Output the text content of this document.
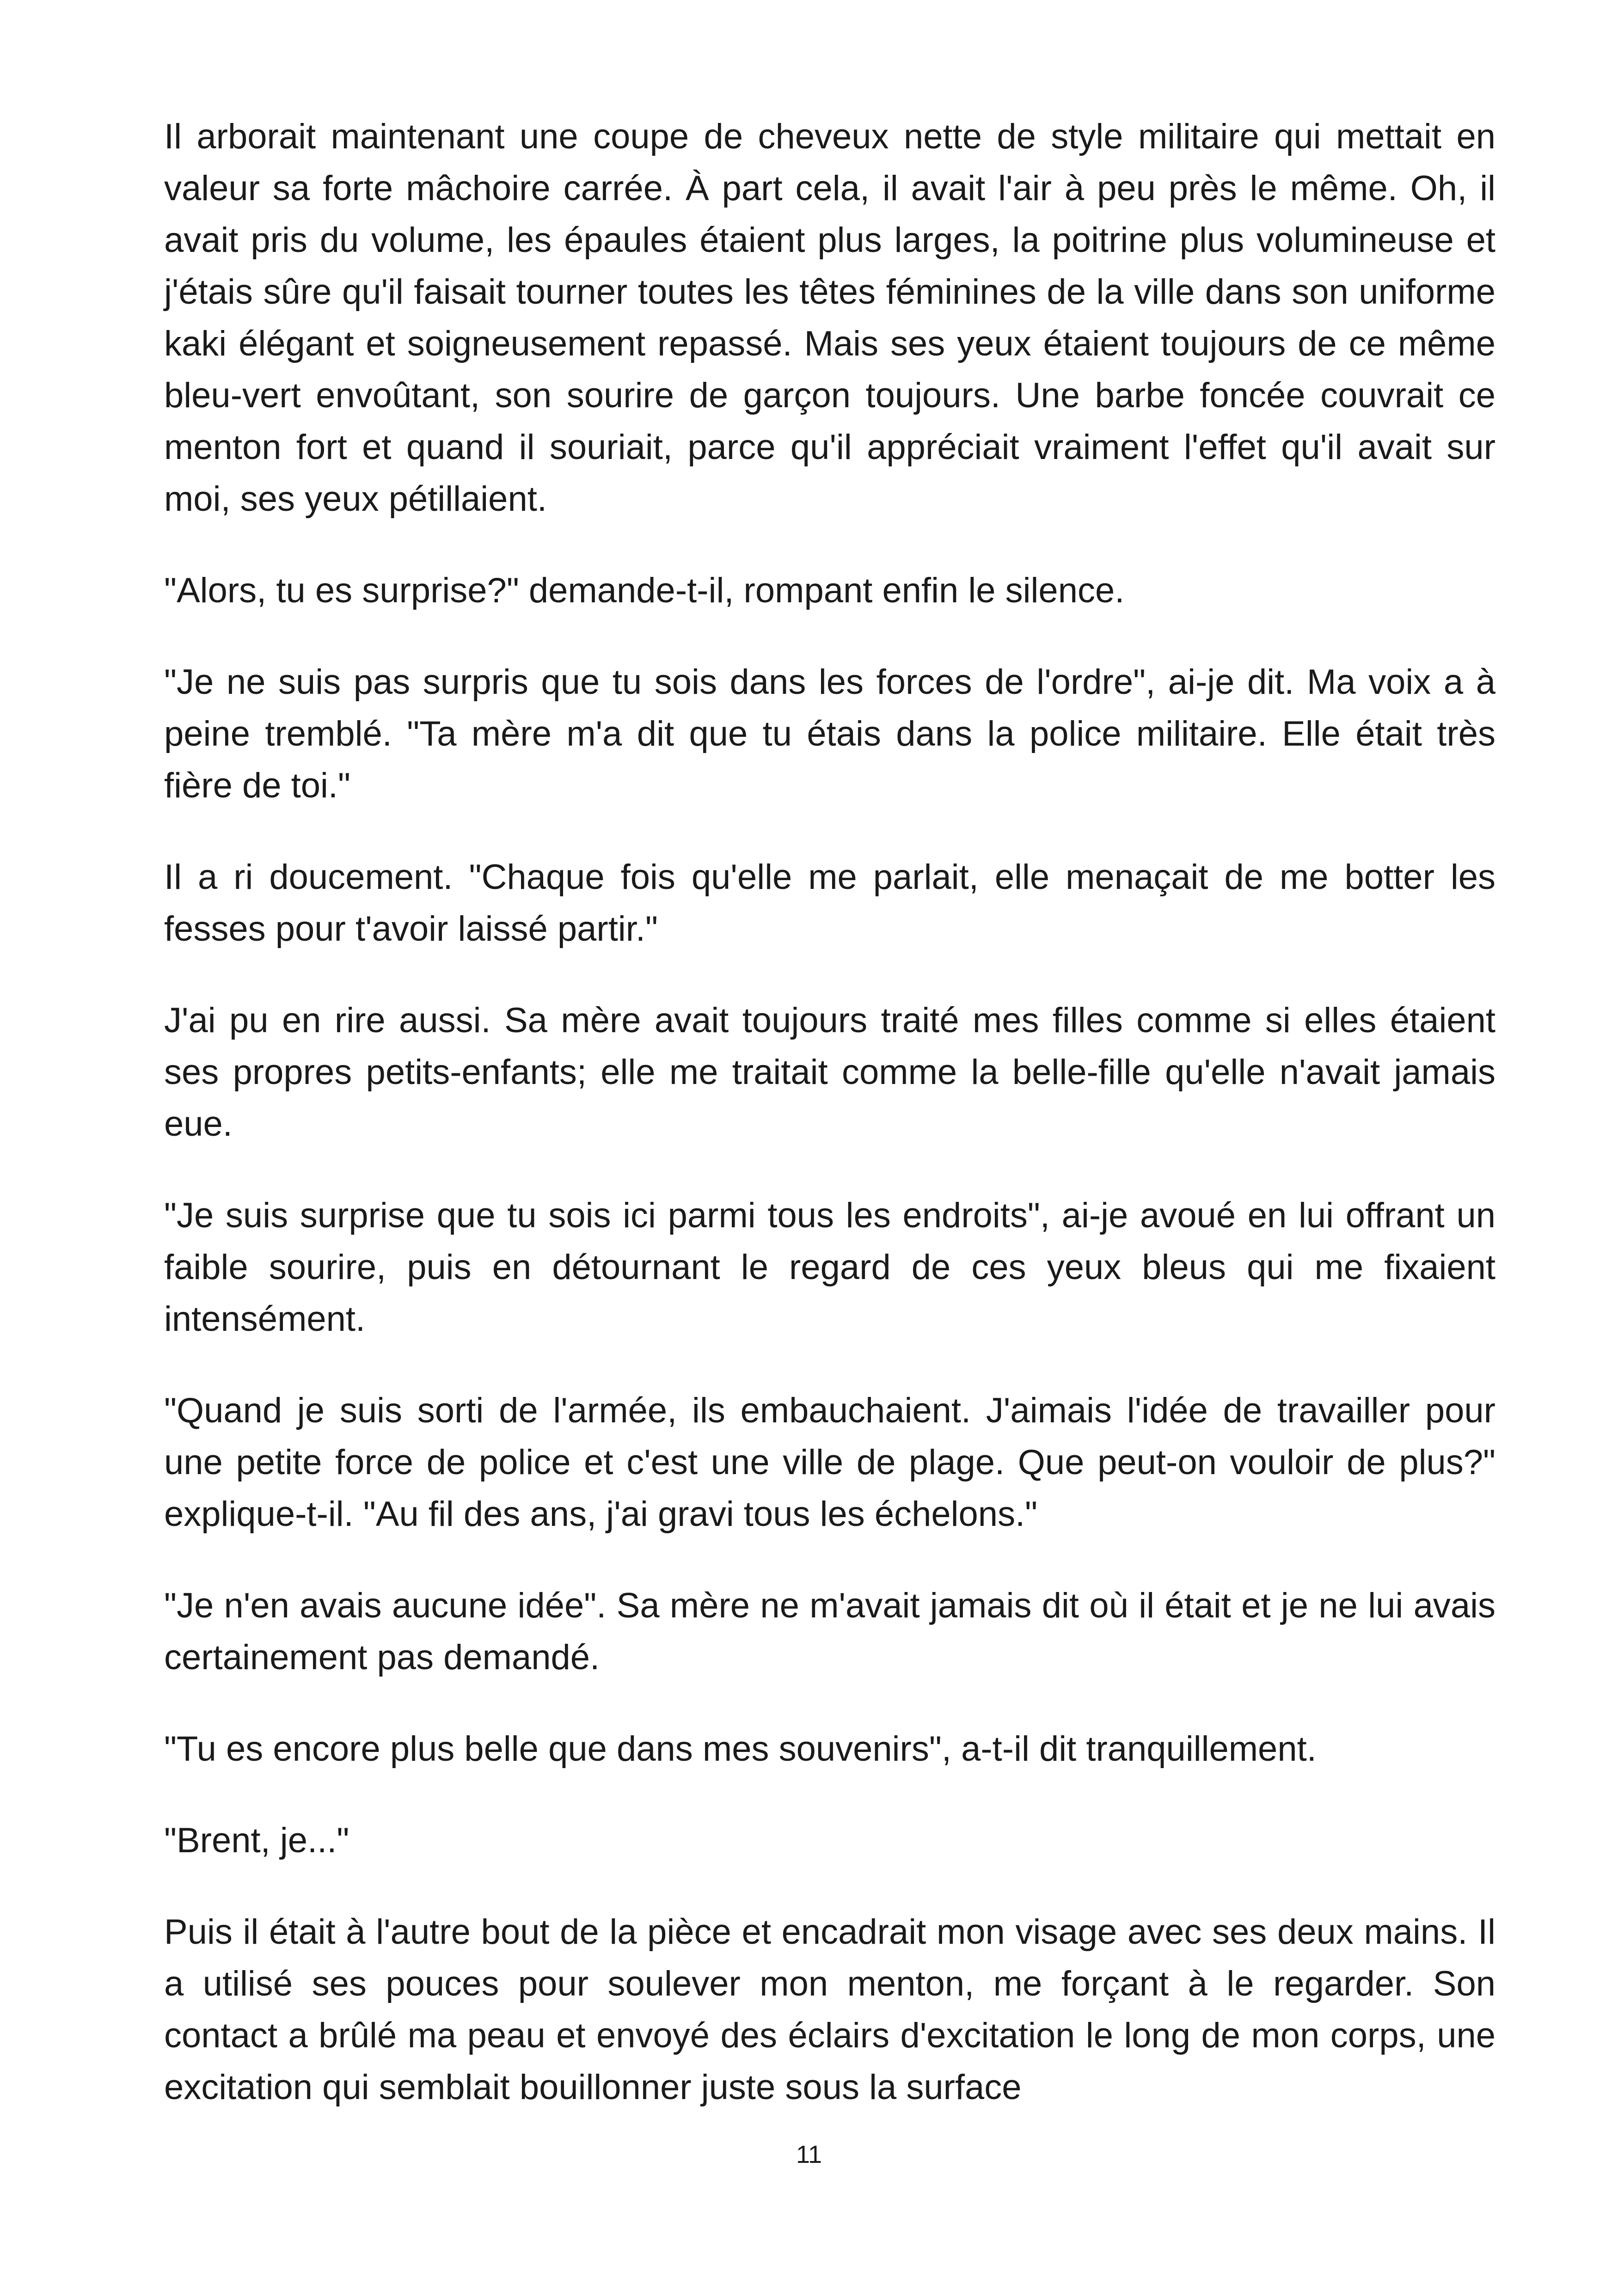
Il arborait maintenant une coupe de cheveux nette de style militaire qui mettait en valeur sa forte mâchoire carrée. À part cela, il avait l'air à peu près le même. Oh, il avait pris du volume, les épaules étaient plus larges, la poitrine plus volumineuse et j'étais sûre qu'il faisait tourner toutes les têtes féminines de la ville dans son uniforme kaki élégant et soigneusement repassé. Mais ses yeux étaient toujours de ce même bleu-vert envoûtant, son sourire de garçon toujours. Une barbe foncée couvrait ce menton fort et quand il souriait, parce qu'il appréciait vraiment l'effet qu'il avait sur moi, ses yeux pétillaient.

"Alors, tu es surprise?" demande-t-il, rompant enfin le silence.

"Je ne suis pas surpris que tu sois dans les forces de l'ordre", ai-je dit. Ma voix a à peine tremblé. "Ta mère m'a dit que tu étais dans la police militaire. Elle était très fière de toi."

Il a ri doucement. "Chaque fois qu'elle me parlait, elle menaçait de me botter les fesses pour t'avoir laissé partir."

J'ai pu en rire aussi. Sa mère avait toujours traité mes filles comme si elles étaient ses propres petits-enfants; elle me traitait comme la belle-fille qu'elle n'avait jamais eue.

"Je suis surprise que tu sois ici parmi tous les endroits", ai-je avoué en lui offrant un faible sourire, puis en détournant le regard de ces yeux bleus qui me fixaient intensément.

"Quand je suis sorti de l'armée, ils embauchaient. J'aimais l'idée de travailler pour une petite force de police et c'est une ville de plage. Que peut-on vouloir de plus?" explique-t-il. "Au fil des ans, j'ai gravi tous les échelons."

"Je n'en avais aucune idée". Sa mère ne m'avait jamais dit où il était et je ne lui avais certainement pas demandé.

"Tu es encore plus belle que dans mes souvenirs", a-t-il dit tranquillement.

"Brent, je..."

Puis il était à l'autre bout de la pièce et encadrait mon visage avec ses deux mains. Il a utilisé ses pouces pour soulever mon menton, me forçant à le regarder. Son contact a brûlé ma peau et envoyé des éclairs d'excitation le long de mon corps, une excitation qui semblait bouillonner juste sous la surface

11
